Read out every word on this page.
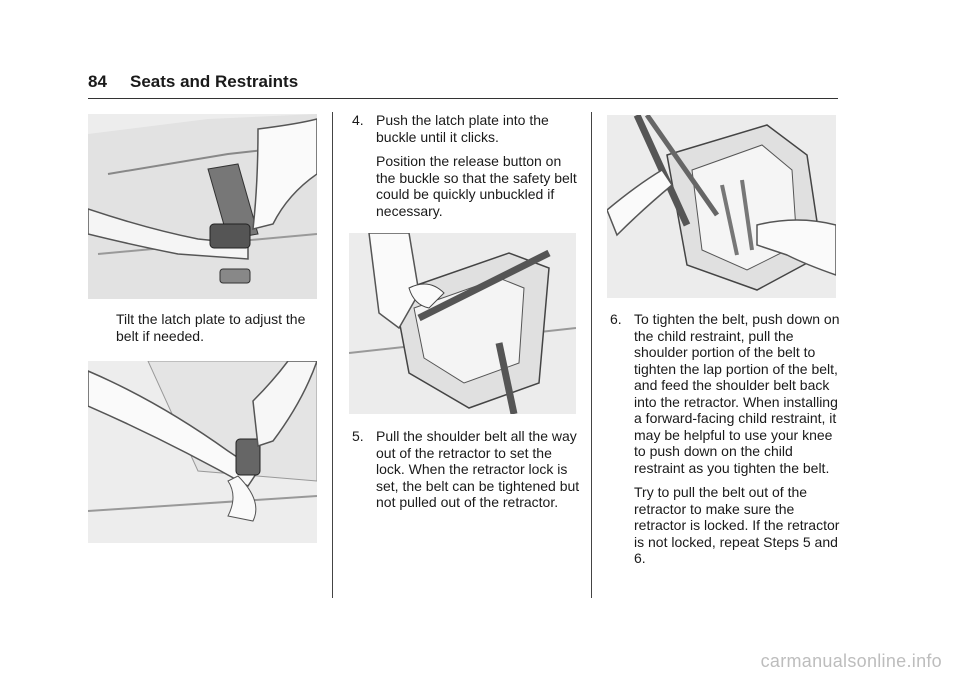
84 Seats and Restraints

Tilt the latch plate to adjust the belt if needed.

4. Push the latch plate into the buckle until it clicks.

Position the release button on the buckle so that the safety belt could be quickly unbuckled if necessary.

5. Pull the shoulder belt all the way out of the retractor to set the lock. When the retractor lock is set, the belt can be tightened but not pulled out of the retractor.

6. To tighten the belt, push down on the child restraint, pull the shoulder portion of the belt to tighten the lap portion of the belt, and feed the shoulder belt back into the retractor. When installing a forward-facing child restraint, it may be helpful to use your knee to push down on the child restraint as you tighten the belt.

Try to pull the belt out of the retractor to make sure the retractor is locked. If the retractor is not locked, repeat Steps 5 and 6.

carmanualsonline.info
